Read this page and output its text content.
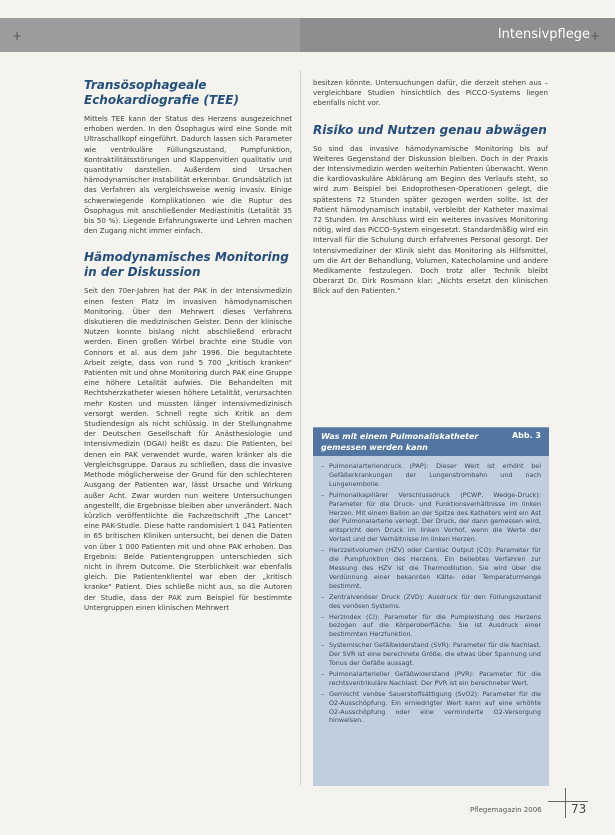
Intensivpflege
+	+
Transösophageale Echokardiografie (TEE)

Mittels TEE kann der Status des Herzens ausgezeichnet erhoben werden. In den Ösophagus wird eine Sonde mit Ultraschallkopf eingeführt. Dadurch lassen sich Parameter wie ventrikuläre Füllungszustand, Pumpfunktion, Kontraktilitätsstörungen und Klappenvitien qualitativ und quantitativ darstellen. Außerdem sind Ursachen hämodynamischer Instabilität erkennbar. Grundsätzlich ist das Verfahren als vergleichsweise wenig invasiv. Einige schwerwiegende Komplikationen wie die Ruptur des Ösophagus mit anschließender Mediastinitis (Letalität 35 bis 50 %). Liegende Erfahrungswerte und Lehren machen den Zugang nicht immer einfach.

Hämodynamisches Monitoring in der Diskussion

Seit den 70er-Jahren hat der PAK in der Intensivmedizin einen festen Platz im invasiven hämodynamischen Monitoring. Über den Mehrwert dieses Verfahrens diskutieren die medizinischen Geister. Denn der klinische Nutzen konnte bislang nicht abschließend erbracht werden. Einen großen Wirbel brachte eine Studie von Connors et al. aus dem Jahr 1996. Die begutachtete Arbeit zeigte, dass von rund 5 700 „kritisch kranken“ Patienten mit und ohne Monitoring durch PAK eine Gruppe eine höhere Letalität aufwies. Die Behandelten mit Rechtsherzkatheter wiesen höhere Letalität, verursachten mehr Kosten und mussten länger intensivmedizinisch versorgt werden. Schnell regte sich Kritik an dem Studiendesign als nicht schlüssig. In der Stellungnahme der Deutschen Gesellschaft für Anästhesiologie und Intensivmedizin (DGAI) heißt es dazu: Die Patienten, bei denen ein PAK verwendet wurde, waren kränker als die Vergleichsgruppe. Daraus zu schließen, dass die invasive Methode möglicherweise der Grund für den schlechteren Ausgang der Patienten war, lässt Ursache und Wirkung außer Acht. Zwar wurden nun weitere Untersuchungen angestellt, die Ergebnisse bleiben aber unverändert. Nach kürzlich veröffentlichte die Fachzeitschrift „The Lancet“ eine PAK-Studie. Diese hatte randomisiert 1 041 Patienten in 65 britischen Kliniken untersucht, bei denen die Daten von über 1 000 Patienten mit und ohne PAK erhoben. Das Ergebnis: Beide Patientengruppen unterschieden sich nicht in ihrem Outcome. Die Sterblichkeit war ebenfalls gleich. Die Patientenklientel war eben der „kritisch kranke“ Patient. Dies schließe nicht aus, so die Autoren der Studie, dass der PAK zum Beispiel für bestimmte Untergruppen einen klinischen Mehrwert

besitzen könnte. Untersuchungen dafür, die derzeit stehen aus – vergleichbare Studien hinsichtlich des PiCCO-Systems liegen ebenfalls nicht vor.

Risiko und Nutzen genau abwägen

So sind das invasive hämodynamische Monitoring bis auf Weiteres Gegenstand der Diskussion bleiben. Doch in der Praxis der Intensivmedizin werden weiterhin Patienten überwacht. Wenn die kardiovaskuläre Abklärung am Beginn des Verlaufs steht, so wird zum Beispiel bei Endoprothesen-Operationen gelegt, die spätestens 72 Stunden später gezogen werden sollte. Ist der Patient hämodynamisch instabil, verbleibt der Katheter maximal 72 Stunden. Im Anschluss wird ein weiteres invasives Monitoring nötig, wird das PiCCO-System eingesetzt. Standardmäßig wird ein Intervall für die Schulung durch erfahrenes Personal gesorgt. Der Intensivmediziner der Klinik sieht das Monitoring als Hilfsmittel, um die Art der Behandlung, Volumen, Katecholamine und andere Medikamente festzulegen. Doch trotz aller Technik bleibt Oberarzt Dr. Dirk Rosmann klar: „Nichts ersetzt den klinischen Blick auf den Patienten.“

Was mit einem Pulmonaliskatheter gemessen werden kann
Abb. 3
– Pulmonalarteriendruck (PAP): Dieser Wert ist erhöht bei Gefäßerkrankungen der Lungenstrombahn und nach Lungenembolie.
– Pulmonalkapillärer Verschlussdruck (PCWP, Wedge-Druck): Parameter für die Druck- und Funktionsverhältnisse im linken Herzen. Mit einem Ballon an der Spitze des Katheters wird ein Ast der Pulmonalarterie verlegt. Der Druck, der dann gemessen wird, entspricht dem Druck im linken Vorhof, wenn die Werte der Vorlast und der Verhältnisse im linken Herzen.
– Herzzeitvolumen (HZV) oder Cardiac Output (CO): Parameter für die Pumpfunktion des Herzens. Ein beliebtes Verfahren zur Messung des HZV ist die Thermodilution. Sie wird über die Verdünnung einer bekannten Kälte- oder Temperaturmenge bestimmt.
– Zentralvenöser Druck (ZVD): Ausdruck für den Füllungszustand des venösen Systems.
– Herzindex (CI): Parameter für die Pumpleistung des Herzens bezogen auf die Körperoberfläche. Sie ist Ausdruck einer bestimmten Herzfunktion.
– Systemischer Gefäßwiderstand (SVR): Parameter für die Nachlast. Der SVR ist eine berechnete Größe, die etwas über Spannung und Tonus der Gefäße aussagt.
– Pulmonalarterieller Gefäßwiderstand (PVR): Parameter für die rechtsventrikuläre Nachlast. Der PVR ist ein berechneter Wert.
– Gemischt venöse Sauerstoffsättigung (SvO2): Parameter für die O2-Ausschöpfung. Ein erniedrigter Wert kann auf eine erhöhte O2-Ausschöpfung oder eine verminderte O2-Versorgung hinweisen.
Pflegemagazin 2006 73
